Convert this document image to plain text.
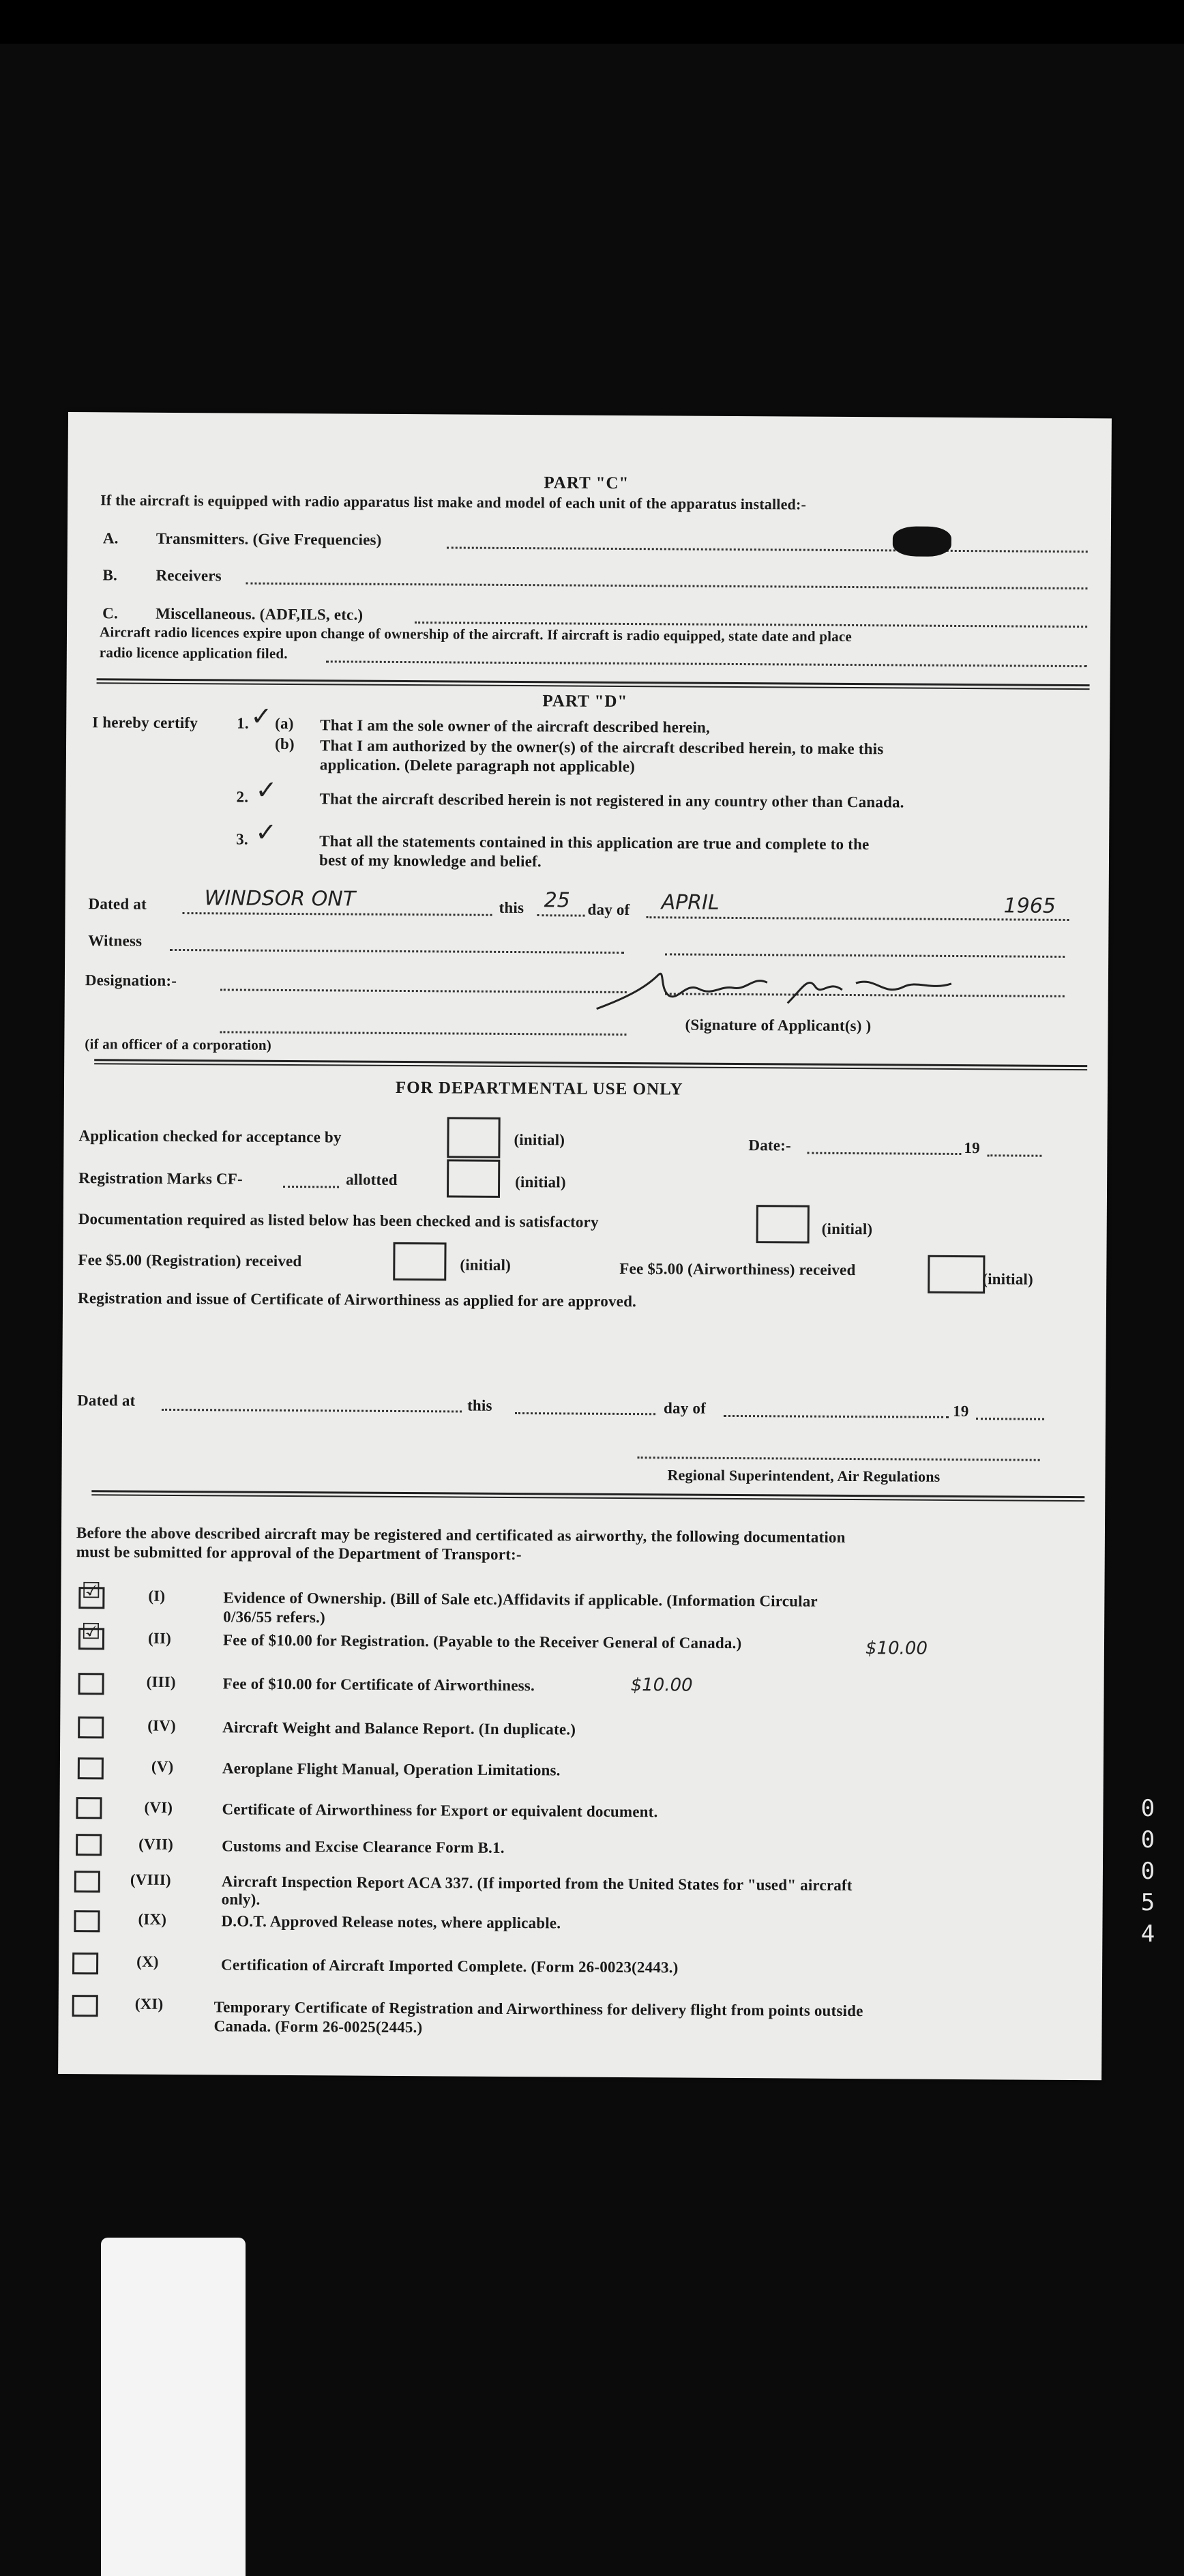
PART "C"
If the aircraft is equipped with radio apparatus list make and model of each unit of the apparatus installed:-
A. Transmitters. (Give Frequencies)
B. Receivers
C. Miscellaneous. (ADF,ILS, etc.)
Aircraft radio licences expire upon change of ownership of the aircraft. If aircraft is radio equipped, state date and place
radio licence application filed.
PART "D"
I hereby certify 1. ✓ (a) That I am the sole owner of the aircraft described herein,
(b) That I am authorized by the owner(s) of the aircraft described herein, to make this
application. (Delete paragraph not applicable)
2. ✓	That the aircraft described herein is not registered in any country other than Canada.
3. ✓	That all the statements contained in this application are true and complete to the
best of my knowledge and belief.
Dated at	WINDSOR ONT	this 25 day of APRIL	1965
Witness
Designation:-
(Signature of Applicant(s) )
(if an officer of a corporation)
FOR DEPARTMENTAL USE ONLY
Application checked for acceptance by	(initial)	Date:-	19
Registration Marks CF-	allotted	(initial)
Documentation required as listed below has been checked and is satisfactory	(initial)
Fee $5.00 (Registration) received	(initial)	Fee $5.00 (Airworthiness) received
(initial)
Registration and issue of Certificate of Airworthiness as applied for are approved.
Dated at	this	day of	19
Regional Superintendent, Air Regulations
Before the above described aircraft may be registered and certificated as airworthy, the following documentation
must be submitted for approval of the Department of Transport:-
☑	(I)	Evidence of Ownership. (Bill of Sale etc.)Affidavits if applicable. (Information Circular
0/36/55 refers.)
☑	(II)	Fee of $10.00 for Registration. (Payable to the Receiver General of Canada.)	$10.00
(III)	Fee of $10.00 for Certificate of Airworthiness.	$10.00
(IV)	Aircraft Weight and Balance Report. (In duplicate.)
(V)	Aeroplane Flight Manual, Operation Limitations.
(VI)	Certificate of Airworthiness for Export or equivalent document.
(VII)	Customs and Excise Clearance Form B.1.
(VIII)	Aircraft Inspection Report ACA 337. (If imported from the United States for "used" aircraft
only).
(IX)	D.O.T. Approved Release notes, where applicable.
(X)	Certification of Aircraft Imported Complete. (Form 26-0023(2443.)
(XI)	Temporary Certificate of Registration and Airworthiness for delivery flight from points outside
Canada. (Form 26-0025(2445.)
0
0
0
5
4
